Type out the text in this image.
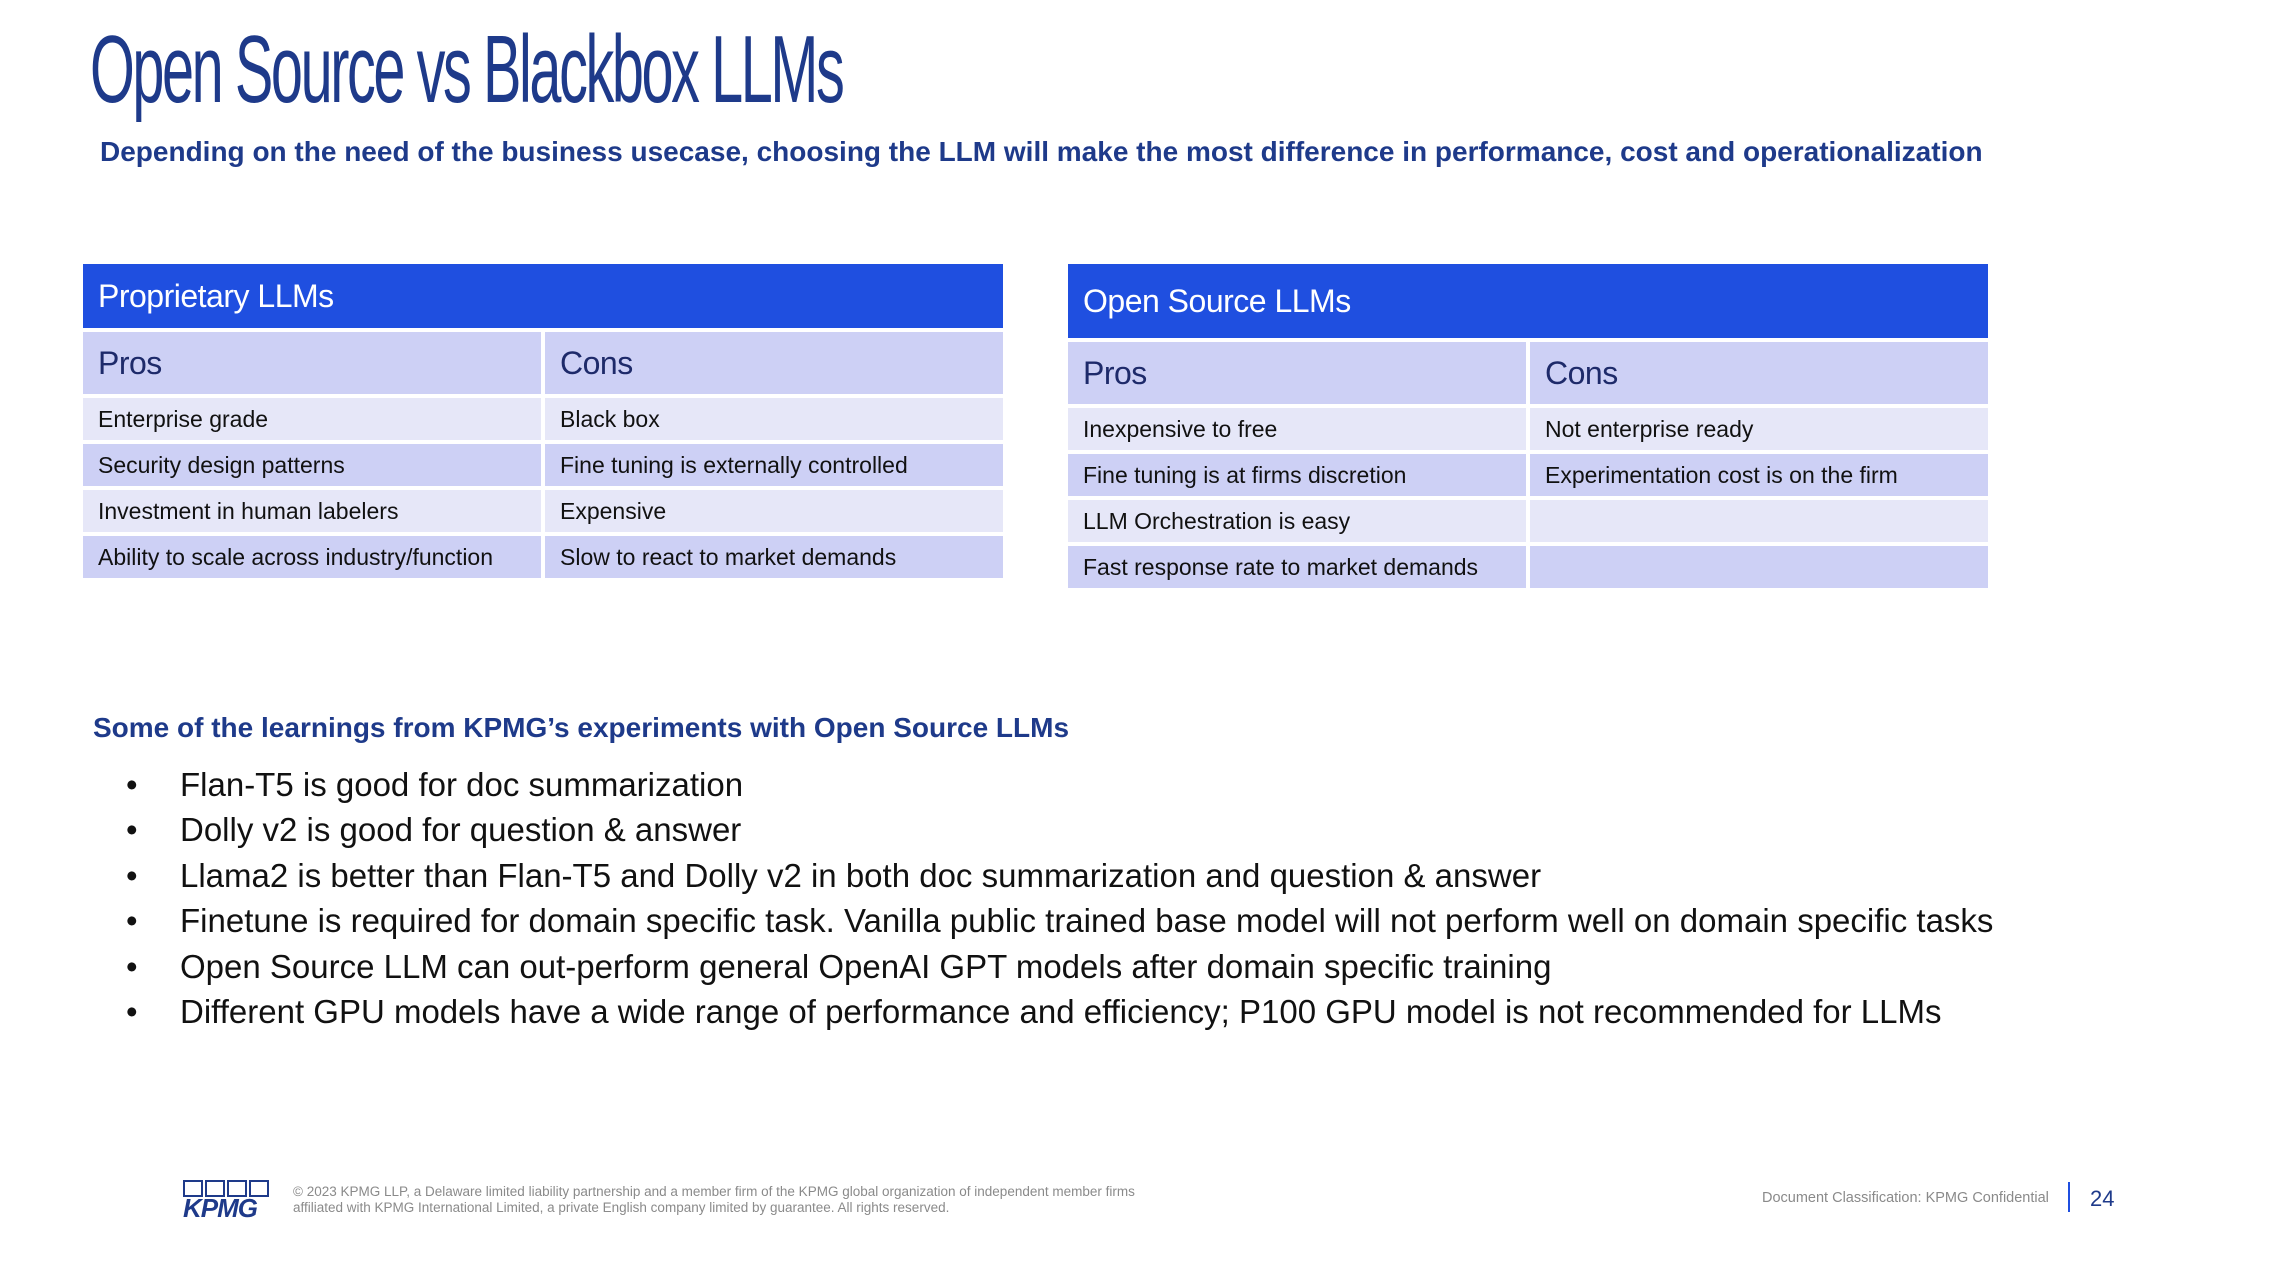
Open Source vs Blackbox LLMs

Depending on the need of the business usecase, choosing the LLM will make the most difference in performance, cost and operationalization

Proprietary LLMs	
Pros	Cons
Enterprise grade	Black box
Security design patterns	Fine tuning is externally controlled
Investment in human labelers	Expensive
Ability to scale across industry/function	Slow to react to market demands
Open Source LLMs	
Pros	Cons
Inexpensive to free	Not enterprise ready
Fine tuning is at firms discretion	Experimentation cost is on the firm
LLM Orchestration is easy	
Fast response rate to market demands	

Some of the learnings from KPMG’s experiments with Open Source LLMs

• Flan-T5 is good for doc summarization
• Dolly v2 is good for question & answer
• Llama2 is better than Flan-T5 and Dolly v2 in both doc summarization and question & answer
• Finetune is required for domain specific task. Vanilla public trained base model will not perform well on domain specific tasks
• Open Source LLM can out-perform general OpenAI GPT models after domain specific training
• Different GPU models have a wide range of performance and efficiency; P100 GPU model is not recommended for LLMs
KPMG

© 2023 KPMG LLP, a Delaware limited liability partnership and a member firm of the KPMG global organization of independent member firms affiliated with KPMG International Limited, a private English company limited by guarantee. All rights reserved.

Document Classification: KPMG Confidential 24
